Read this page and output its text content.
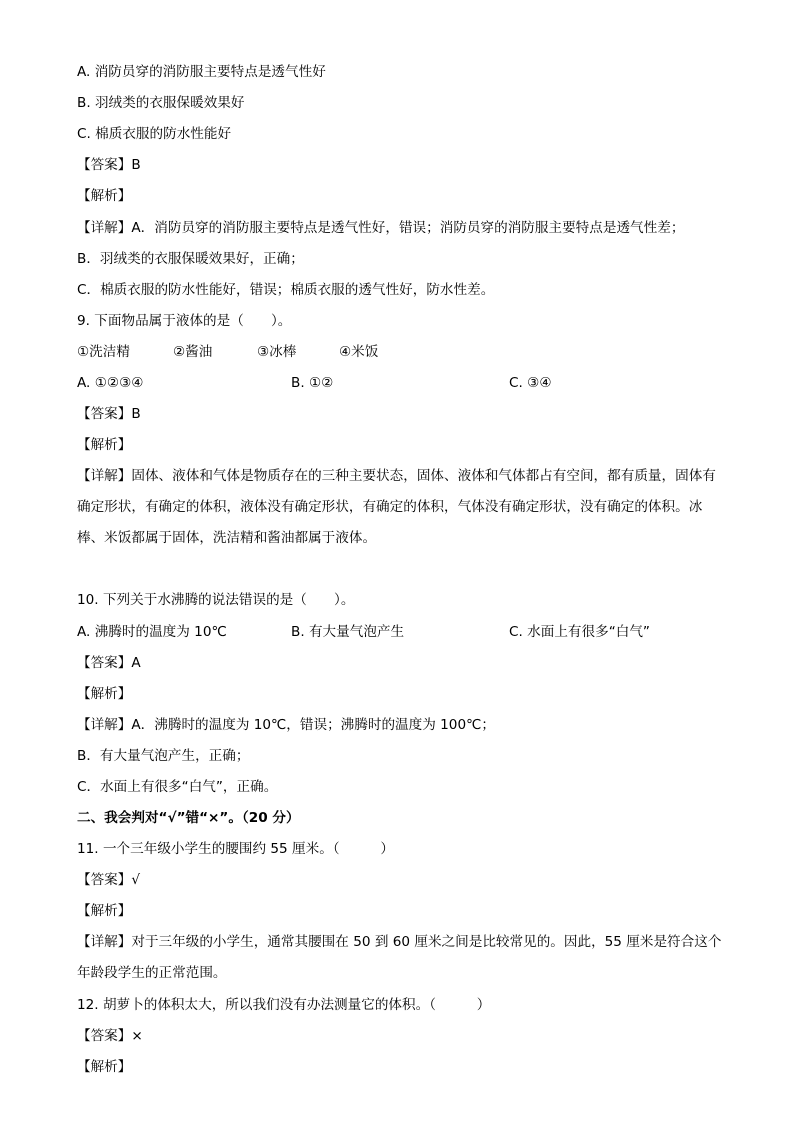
A. 消防员穿的消防服主要特点是透气性好
B. 羽绒类的衣服保暖效果好
C. 棉质衣服的防水性能好
【答案】B
【解析】
【详解】A．消防员穿的消防服主要特点是透气性好，错误；消防员穿的消防服主要特点是透气性差；
B．羽绒类的衣服保暖效果好，正确；
C．棉质衣服的防水性能好，错误；棉质衣服的透气性好，防水性差。
9. 下面物品属于液体的是（　　）。
①洗洁精	②酱油	③冰棒	④米饭
A. ①②③④	B. ①②	C. ③④
【答案】B
【解析】
【详解】固体、液体和气体是物质存在的三种主要状态，固体、液体和气体都占有空间，都有质量，固体有确定形状，有确定的体积，液体没有确定形状，有确定的体积，气体没有确定形状，没有确定的体积。冰棒、米饭都属于固体，洗洁精和酱油都属于液体。
10. 下列关于水沸腾的说法错误的是（　　）。
A. 沸腾时的温度为 10℃	B. 有大量气泡产生	C. 水面上有很多“白气”
【答案】A
【解析】
【详解】A．沸腾时的温度为 10℃，错误；沸腾时的温度为 100℃；
B．有大量气泡产生，正确；
C．水面上有很多“白气”，正确。
二、我会判对“√”错“×”。（20 分）
11. 一个三年级小学生的腰围约 55 厘米。（　　　）
【答案】√
【解析】
【详解】对于三年级的小学生，通常其腰围在 50 到 60 厘米之间是比较常见的。因此，55 厘米是符合这个年龄段学生的正常范围。
12. 胡萝卜的体积太大，所以我们没有办法测量它的体积。（　　　）
【答案】×
【解析】
